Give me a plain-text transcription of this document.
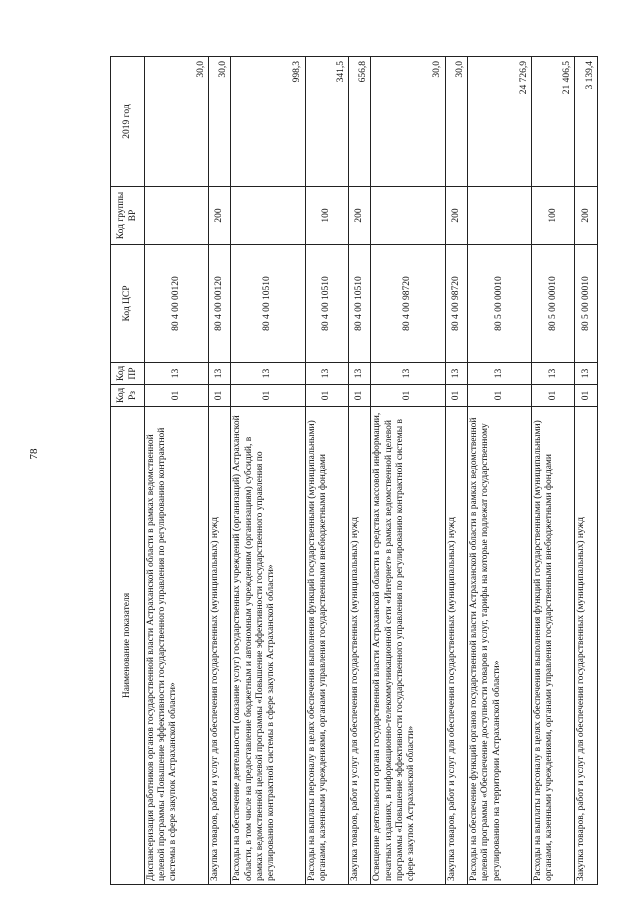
78
Наименование показателя	Код Рз	Код ПР	Код ЦСР	Код группы ВР	2019 год
Диспансеризация работников органов государственной власти Астраханской области в рамках ведомственной целевой программы «Повышение эффективности государственного управления по регулированию контрактной системы в сфере закупок Астраханской области»	01	13	80 4 00 00120		30,0
Закупка товаров, работ и услуг для обеспечения государственных (муниципальных) нужд	01	13	80 4 00 00120	200	30,0
Расходы на обеспечение деятельности (оказание услуг) государственных учреждений (организаций) Астраханской области, в том числе на предоставление бюджетным и автономным учреждениям (организациям) субсидий, в рамках ведомственной целевой программы «Повышение эффективности государственного управления по регулированию контрактной системы в сфере закупок Астраханской области»	01	13	80 4 00 10510		998,3
Расходы на выплаты персоналу в целях обеспечения выполнения функций государственными (муниципальными) органами, казенными учреждениями, органами управления государственными внебюджетными фондами	01	13	80 4 00 10510	100	341,5
Закупка товаров, работ и услуг для обеспечения государственных (муниципальных) нужд	01	13	80 4 00 10510	200	656,8
Освещение деятельности органа государственной власти Астраханской области в средствах массовой информации, печатных изданиях, в информационно-телекоммуникационной сети «Интернет» в рамках ведомственной целевой программы «Повышение эффективности государственного управления по регулированию контрактной системы в сфере закупок Астраханской области»	01	13	80 4 00 98720		30,0
Закупка товаров, работ и услуг для обеспечения государственных (муниципальных) нужд	01	13	80 4 00 98720	200	30,0
Расходы на обеспечение функций органов государственной власти Астраханской области в рамках ведомственной целевой программы «Обеспечение доступности товаров и услуг, тарифы на которые подлежат государственному регулированию на территории Астраханской области»	01	13	80 5 00 00010		24 726,9
Расходы на выплаты персоналу в целях обеспечения выполнения функций государственными (муниципальными) органами, казенными учреждениями, органами управления государственными внебюджетными фондами	01	13	80 5 00 00010	100	21 406,5
Закупка товаров, работ и услуг для обеспечения государственных (муниципальных) нужд	01	13	80 5 00 00010	200	3 139,4
